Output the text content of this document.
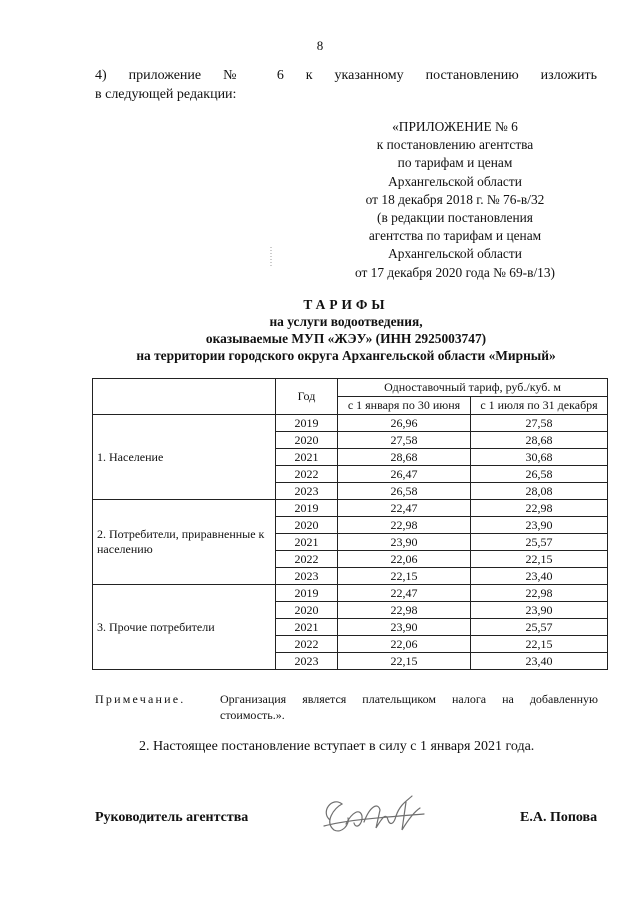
8
4) приложение № 6 к указанному постановлению изложить
в следующей редакции:
«ПРИЛОЖЕНИЕ № 6
к постановлению агентства
по тарифам и ценам
Архангельской области
от 18 декабря 2018 г. № 76-в/32
(в редакции постановления
агентства по тарифам и ценам
Архангельской области
от 17 декабря 2020 года № 69-в/13)
ТАРИФЫ
на услуги водоотведения,
оказываемые МУП «ЖЭУ» (ИНН 2925003747)
на территории городского округа Архангельской области «Мирный»
	Год	Одноставочный тариф, руб./куб. м	
		с 1 января по 30 июня	с 1 июля по 31 декабря
1. Население	2019	26,96	27,58
	2020	27,58	28,68
	2021	28,68	30,68
	2022	26,47	26,58
	2023	26,58	28,08
2. Потребители, приравненные к населению	2019	22,47	22,98
	2020	22,98	23,90
	2021	23,90	25,57
	2022	22,06	22,15
	2023	22,15	23,40
3. Прочие потребители	2019	22,47	22,98
	2020	22,98	23,90
	2021	23,90	25,57
	2022	22,06	22,15
	2023	22,15	23,40
Примечание.	Организация является плательщиком налога на добавленную
стоимость.».
2. Настоящее постановление вступает в силу с 1 января 2021 года.
Руководитель агентства	Е.А. Попова
